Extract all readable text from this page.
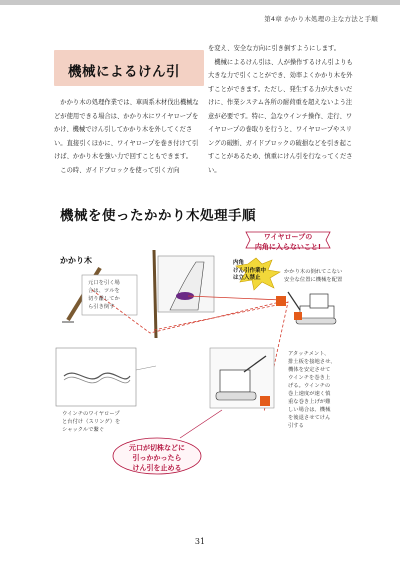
第4章 かかり木処理の主な方法と手順
機械によるけん引

かかり木の処理作業では、車両系木材伐出機械などが使用できる場合は、かかり木にワイヤロープをかけ、機械でけん引してかかり木を外してください。直接引くほかに、ワイヤロープを巻き付けて引けば、かかり木を強い力で回すこともできます。

この時、ガイドブロックを使って引く方向

を変え、安全な方向に引き倒すようにします。

機械によるけん引は、人が操作するけん引よりも大きな力で引くことができ、効率よくかかり木を外すことができます。ただし、発生する力が大きいだけに、作業システム各所の耐荷重を超えないよう注意が必要です。特に、急なウインチ操作、走行、ワイヤロープの巻取りを行うと、ワイヤロープやスリングの破断、ガイドブロックの破損などを引き起こすことがあるため、慎重にけん引を行なってください。

機械を使ったかかり木処理手順
かかり木
ワイヤロープの
内角に入らないこと!
内角
けん引作業中
は立入禁止
元口を引く場
合は、ツルを
切り離してか
ら引き倒す
かかり木の倒れてこない
安全な位置に機械を配置
アタッチメント、
排土板を接地させ、
機体を安定させて
ウインチを巻き上
げる。ウインチの
巻上速度が速く慎
重な巻き上げが難
しい場合は、機械
を後退させてけん
引する
ウインチのワイヤロープ
と台付け（スリング）を
シャックルで繋ぐ
元口が切株などに
引っかかったら
けん引を止める
31
